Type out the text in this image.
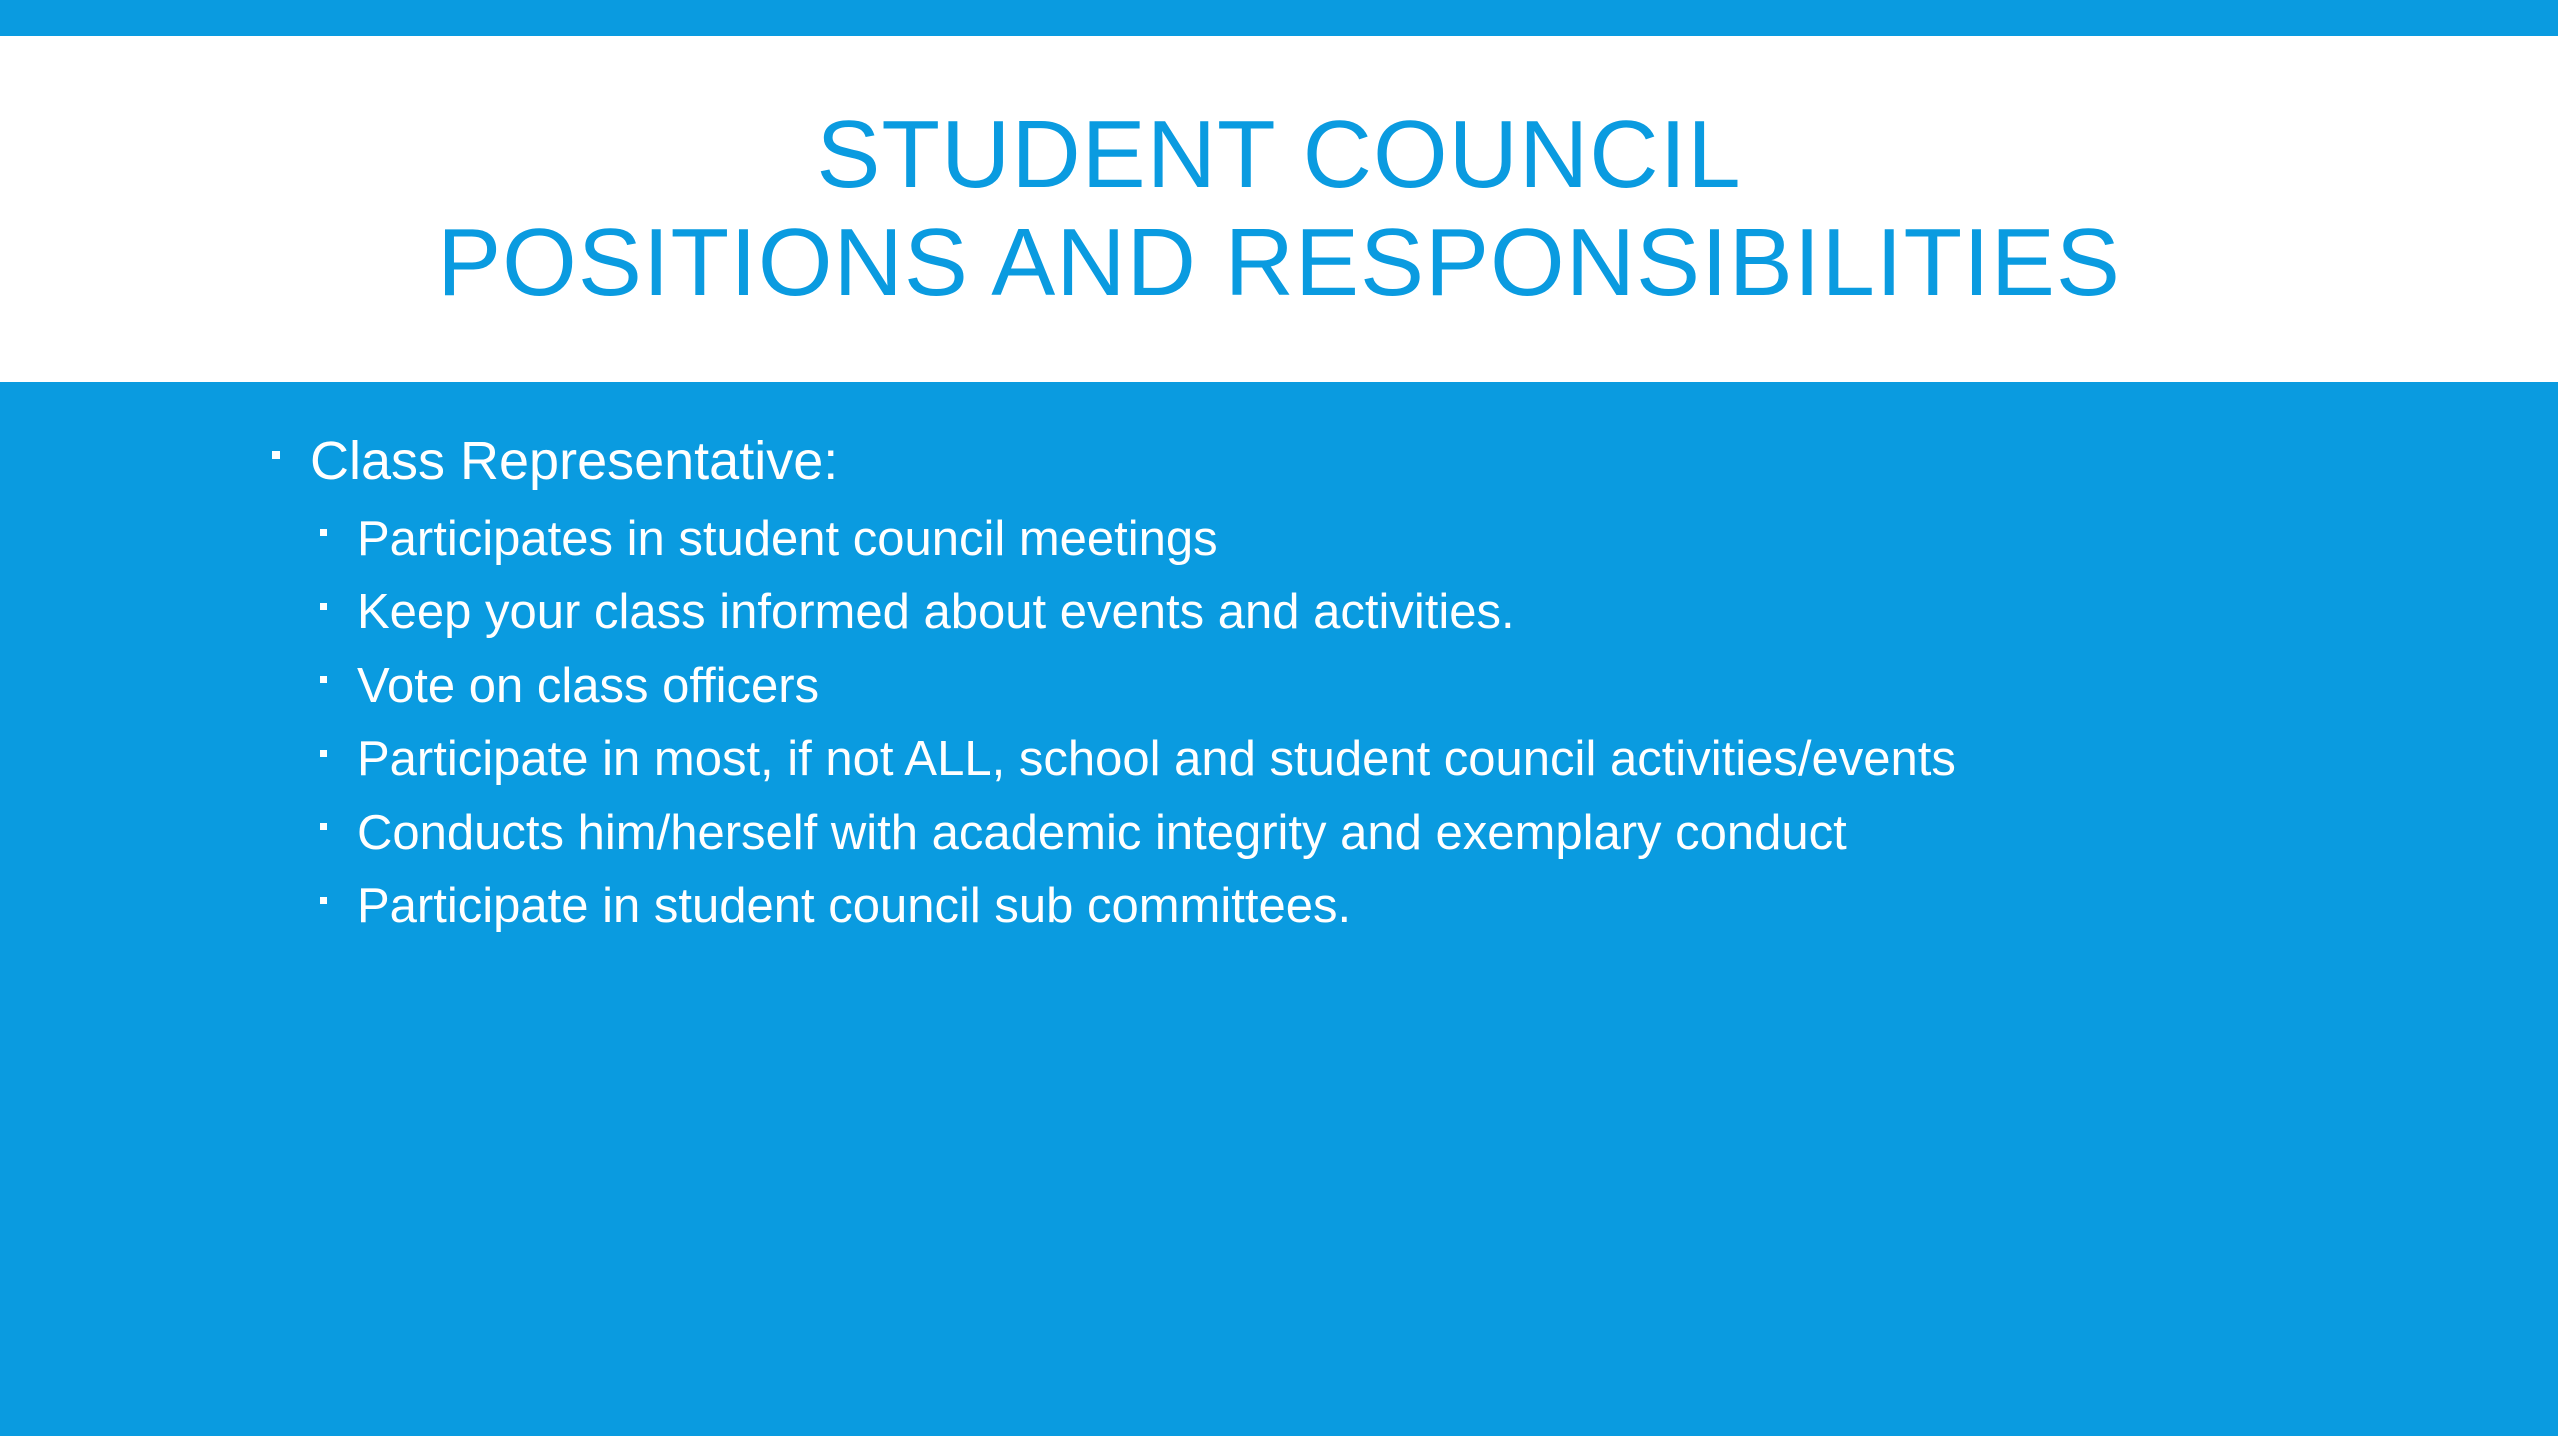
STUDENT COUNCIL
POSITIONS AND RESPONSIBILITIES
Class Representative:
Participates in student council meetings
Keep your class informed about events and activities.
Vote on class officers
Participate in most, if not ALL, school and student council activities/events
Conducts him/herself with academic integrity and exemplary conduct
Participate in student council sub committees.
